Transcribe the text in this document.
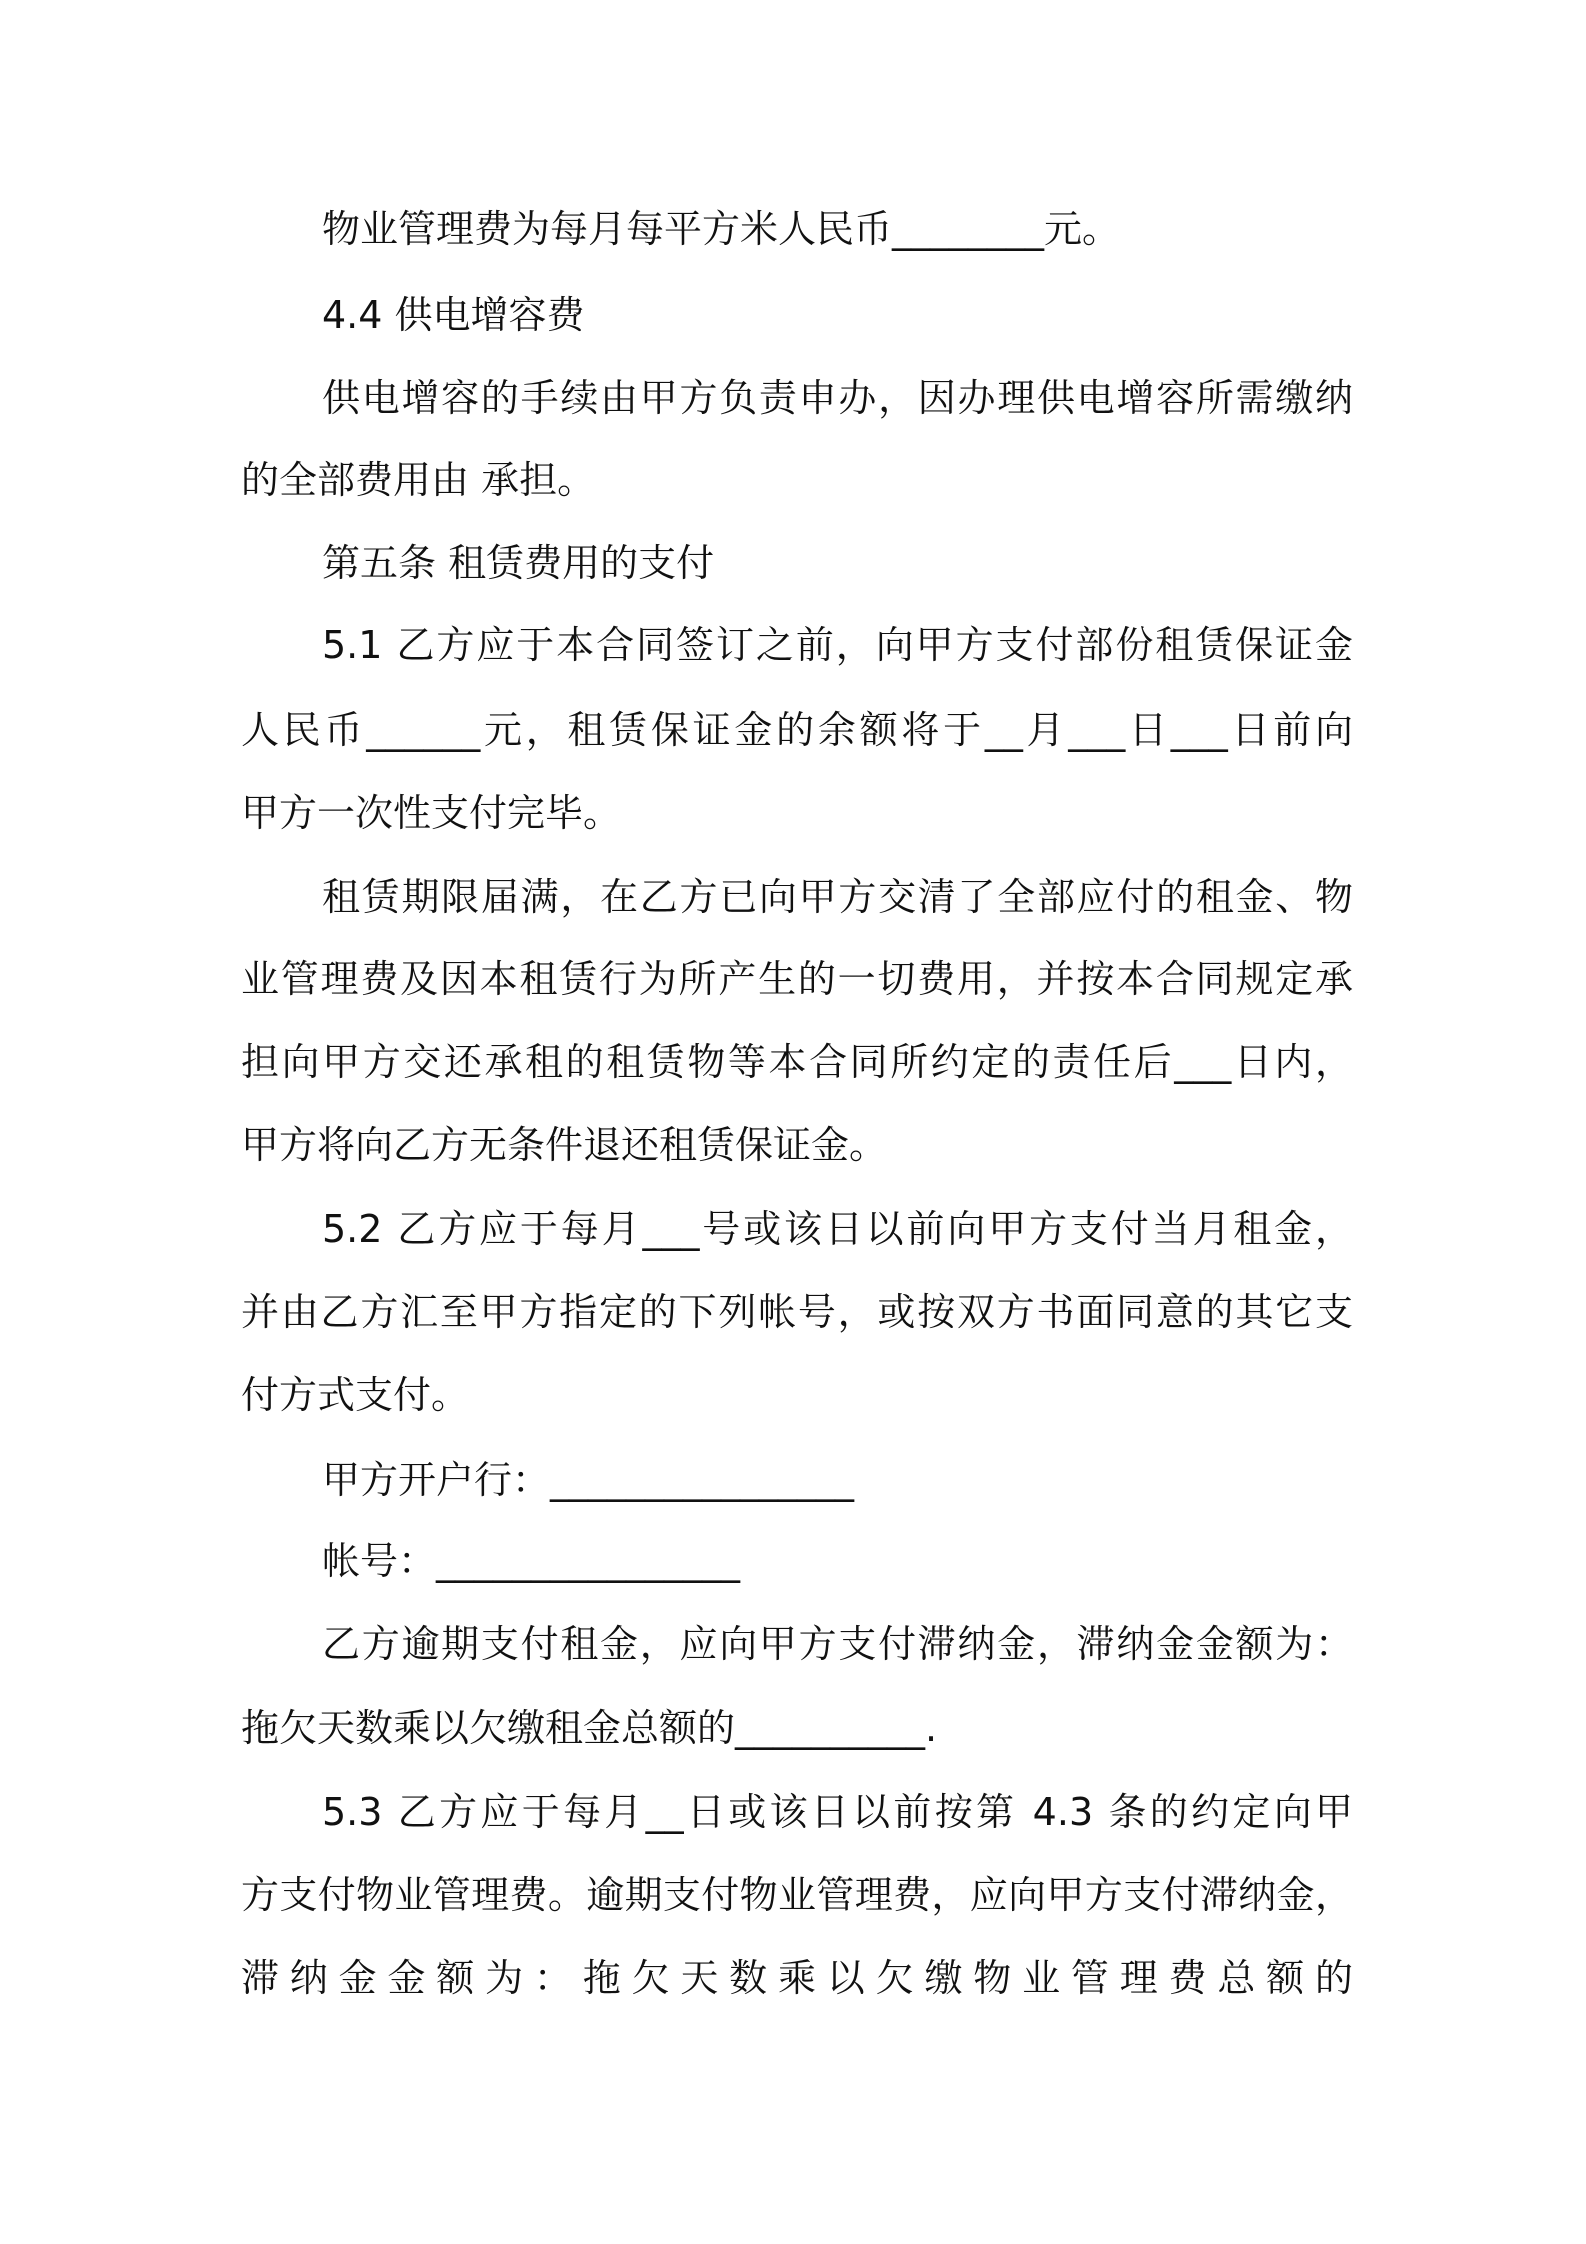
物业管理费为每月每平方米人民币________元。
4.4 供电增容费
供电增容的手续由甲方负责申办，因办理供电增容所需缴纳
的全部费用由 承担。
第五条 租赁费用的支付
5.1 乙方应于本合同签订之前，向甲方支付部份租赁保证金
人民币______元，租赁保证金的余额将于__月___日___日前向
甲方一次性支付完毕。
租赁期限届满，在乙方已向甲方交清了全部应付的租金、物
业管理费及因本租赁行为所产生的一切费用，并按本合同规定承
担向甲方交还承租的租赁物等本合同所约定的责任后___日内，
甲方将向乙方无条件退还租赁保证金。
5.2 乙方应于每月___号或该日以前向甲方支付当月租金，
并由乙方汇至甲方指定的下列帐号，或按双方书面同意的其它支
付方式支付。
甲方开户行：________________
帐号：________________
乙方逾期支付租金，应向甲方支付滞纳金，滞纳金金额为：
拖欠天数乘以欠缴租金总额的__________.
5.3 乙方应于每月__日或该日以前按第 4.3 条的约定向甲
方支付物业管理费。逾期支付物业管理费，应向甲方支付滞纳金，
滞纳金金额为：拖欠天数乘以欠缴物业管理费总额的
